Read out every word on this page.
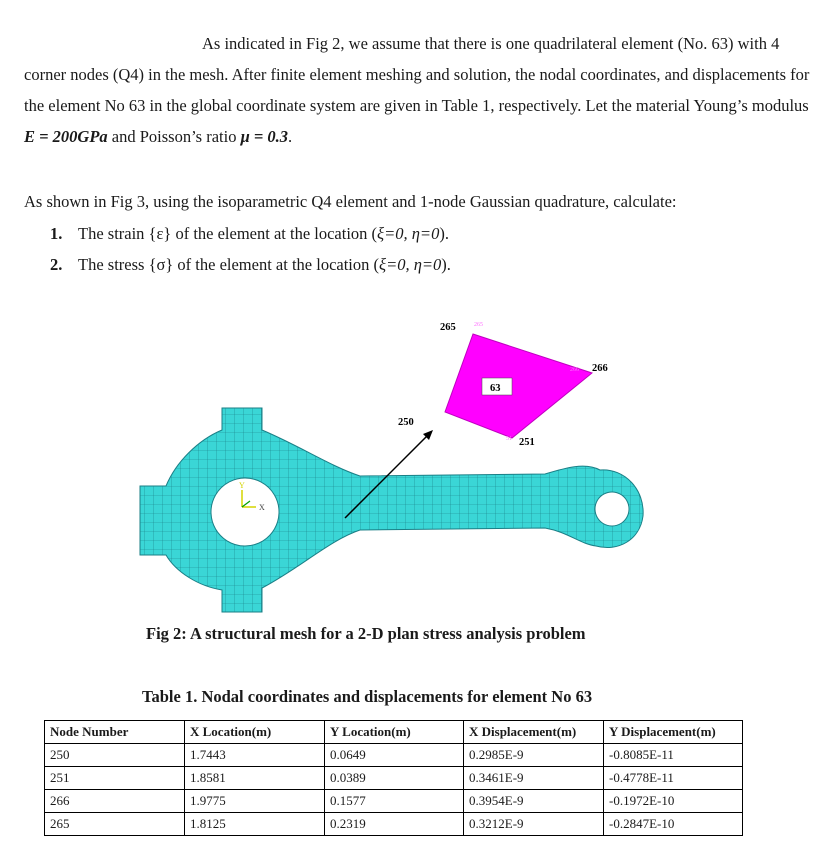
As indicated in Fig 2, we assume that there is one quadrilateral element (No. 63) with 4 corner nodes (Q4) in the mesh. After finite element meshing and solution, the nodal coordinates, and displacements for the element No 63 in the global coordinate system are given in Table 1, respectively. Let the material Young’s modulus E = 200GPa and Poisson’s ratio μ = 0.3.
As shown in Fig 3, using the isoparametric Q4 element and 1-node Gaussian quadrature, calculate:
1. The strain {ε} of the element at the location (ξ=0, η=0).
2. The stress {σ} of the element at the location (ξ=0, η=0).
Y
X
63
265	265
266
266
250
251
51
Fig 2: A structural mesh for a 2-D plan stress analysis problem
Table 1. Nodal coordinates and displacements for element No 63
Node Number	X Location(m)	Y Location(m)	X Displacement(m)	Y Displacement(m)
250	1.7443	0.0649	0.2985E-9	-0.8085E-11
251	1.8581	0.0389	0.3461E-9	-0.4778E-11
266	1.9775	0.1577	0.3954E-9	-0.1972E-10
265	1.8125	0.2319	0.3212E-9	-0.2847E-10
